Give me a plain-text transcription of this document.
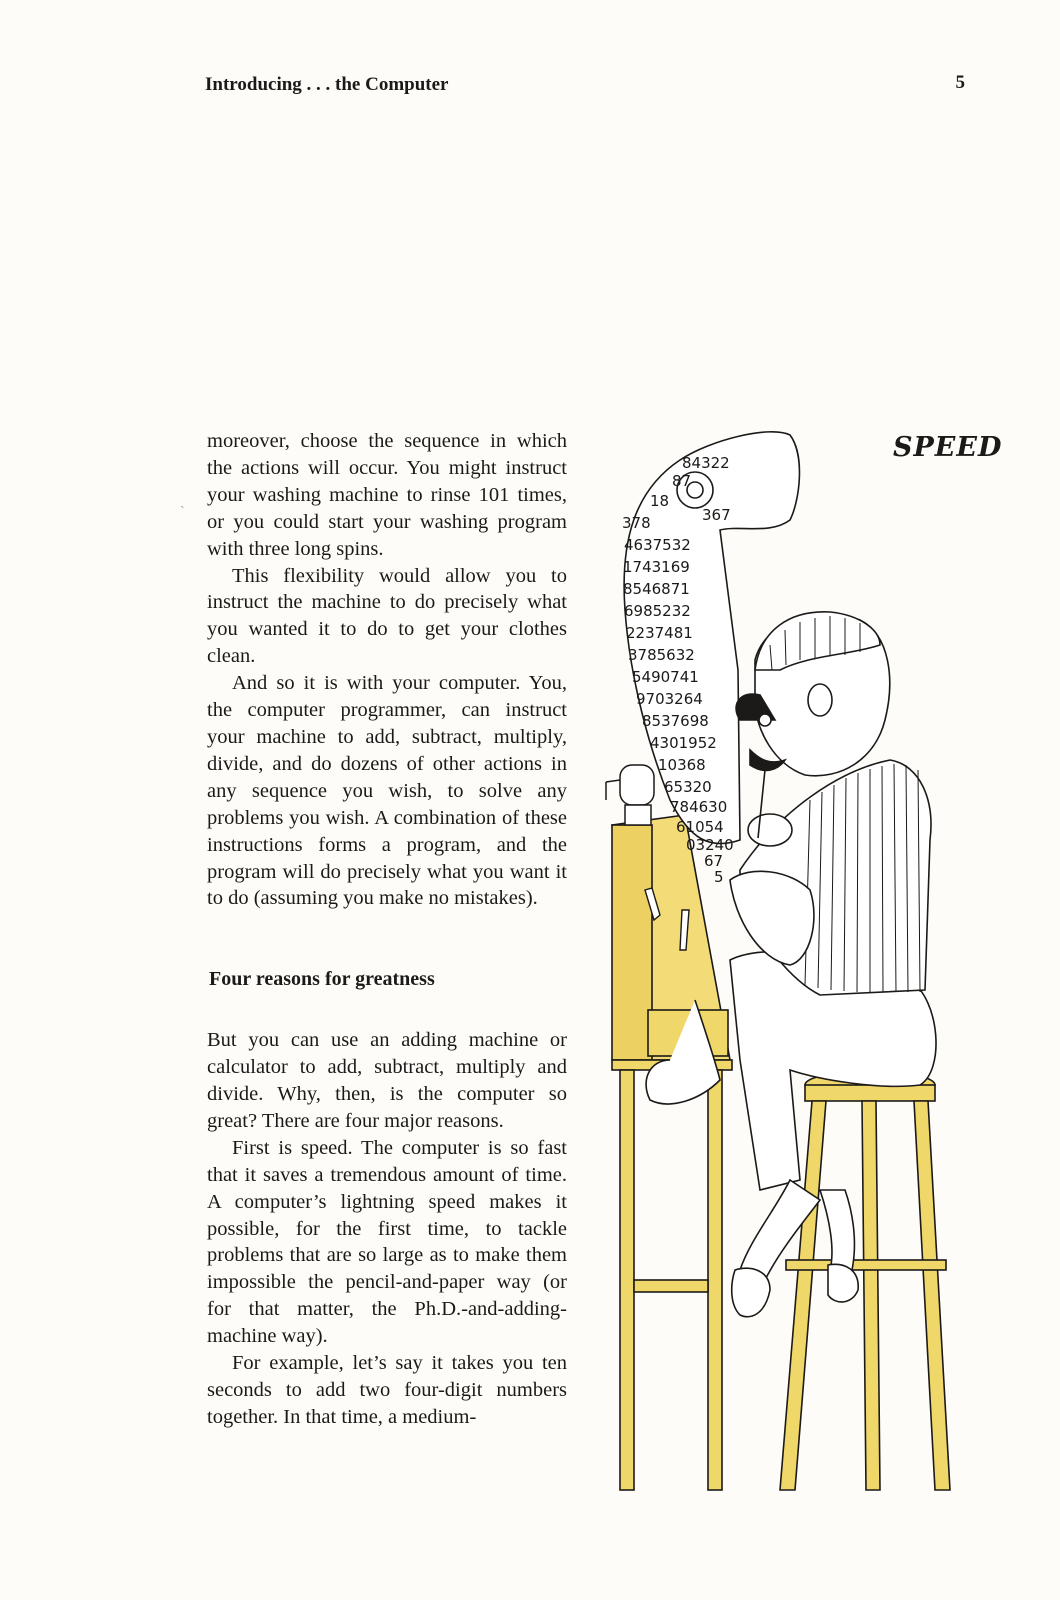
Introducing . . . the Computer	5
ˏ

moreover, choose the sequence in which the actions will occur. You might instruct your washing machine to rinse 101 times, or you could start your washing program with three long spins.

This flexibility would allow you to instruct the machine to do precisely what you wanted it to do to get your clothes clean.

And so it is with your computer. You, the computer programmer, can instruct your machine to add, subtract, multiply, divide, and do dozens of other actions in any sequence you wish, to solve any problems you wish. A combination of these instructions forms a program, and the program will do precisely what you want it to do (assuming you make no mistakes).

Four reasons for greatness

But you can use an adding machine or calculator to add, subtract, multiply and divide. Why, then, is the computer so great? There are four major reasons.

First is speed. The computer is so fast that it saves a tremendous amount of time. A computer’s lightning speed makes it possible, for the first time, to tackle problems that are so large as to make them impossible the pencil-and-paper way (or for that matter, the Ph.D.-and-adding-machine way).

For example, let’s say it takes you ten seconds to add two four-digit numbers together. In that time, a medium-

SPEED
84322
87
18
378	367
4637532
1743169
8546871
6985232
2237481
3785632
5490741
9703264
8537698
4301952
10368
65320
784630
61054
03240
67
5
